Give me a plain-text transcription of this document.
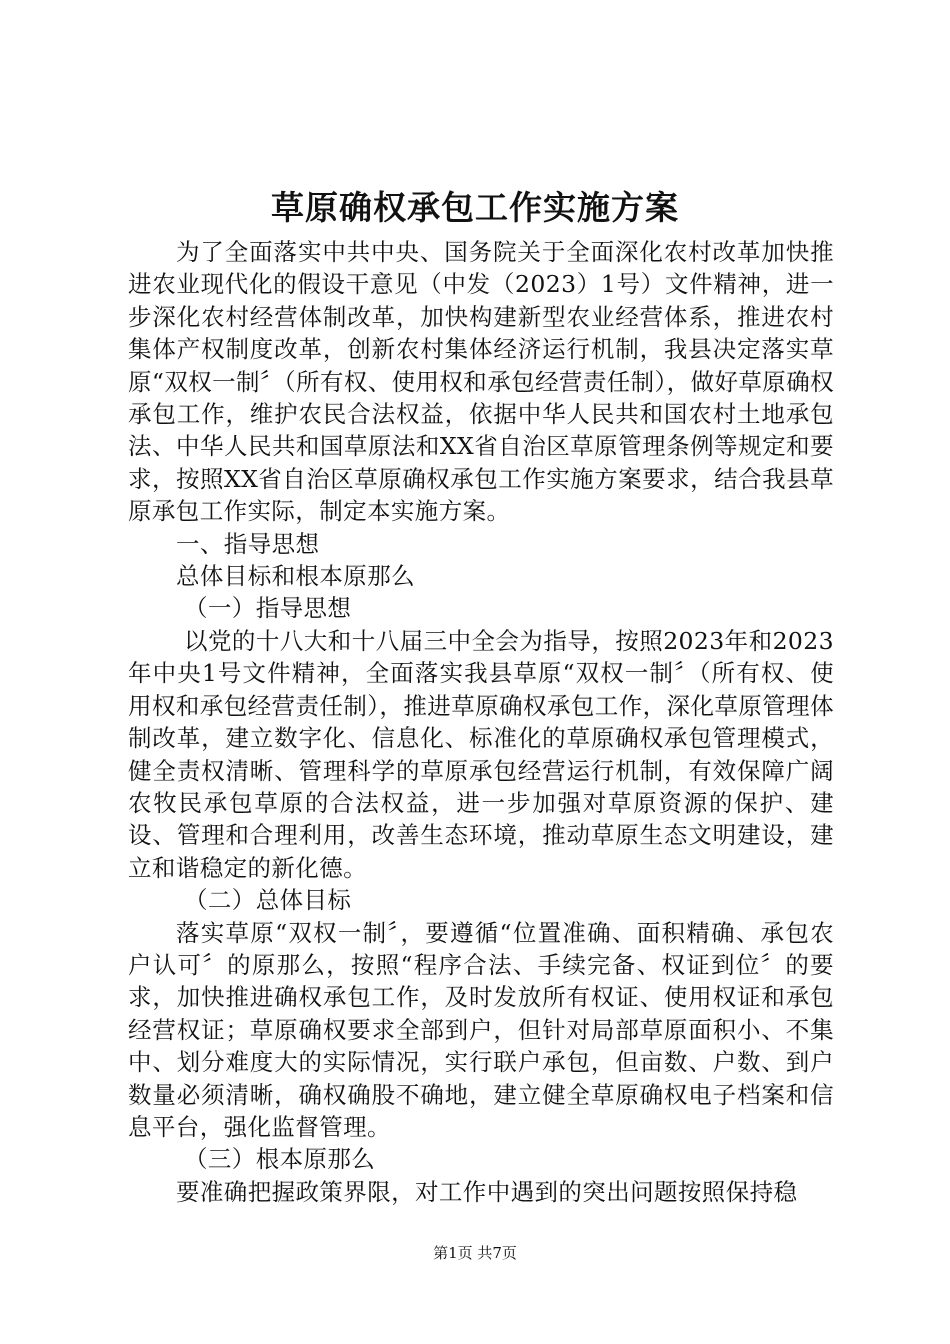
草原确权承包工作实施方案

为了全面落实中共中央、国务院关于全面深化农村改革加快推进农业现代化的假设干意见（中发（2023）1号）文件精神，进一步深化农村经营体制改革，加快构建新型农业经营体系，推进农村集体产权制度改革，创新农村集体经济运行机制，我县决定落实草原“双权一制〞（所有权、使用权和承包经营责任制），做好草原确权承包工作，维护农民合法权益，依据中华人民共和国农村土地承包法、中华人民共和国草原法和XX省自治区草原管理条例等规定和要求，按照XX省自治区草原确权承包工作实施方案要求，结合我县草原承包工作实际，制定本实施方案。

一、指导思想

总体目标和根本原那么

（一）指导思想

以党的十八大和十八届三中全会为指导，按照2023年和2023年中央1号文件精神，全面落实我县草原“双权一制〞（所有权、使用权和承包经营责任制），推进草原确权承包工作，深化草原管理体制改革，建立数字化、信息化、标准化的草原确权承包管理模式，健全责权清晰、管理科学的草原承包经营运行机制，有效保障广阔农牧民承包草原的合法权益，进一步加强对草原资源的保护、建设、管理和合理利用，改善生态环境，推动草原生态文明建设，建立和谐稳定的新化德。

（二）总体目标

落实草原“双权一制〞，要遵循“位置准确、面积精确、承包农户认可〞的原那么，按照“程序合法、手续完备、权证到位〞的要求，加快推进确权承包工作，及时发放所有权证、使用权证和承包经营权证；草原确权要求全部到户，但针对局部草原面积小、不集中、划分难度大的实际情况，实行联户承包，但亩数、户数、到户数量必须清晰，确权确股不确地，建立健全草原确权电子档案和信息平台，强化监督管理。

（三）根本原那么

要准确把握政策界限，对工作中遇到的突出问题按照保持稳

第1页 共7页
